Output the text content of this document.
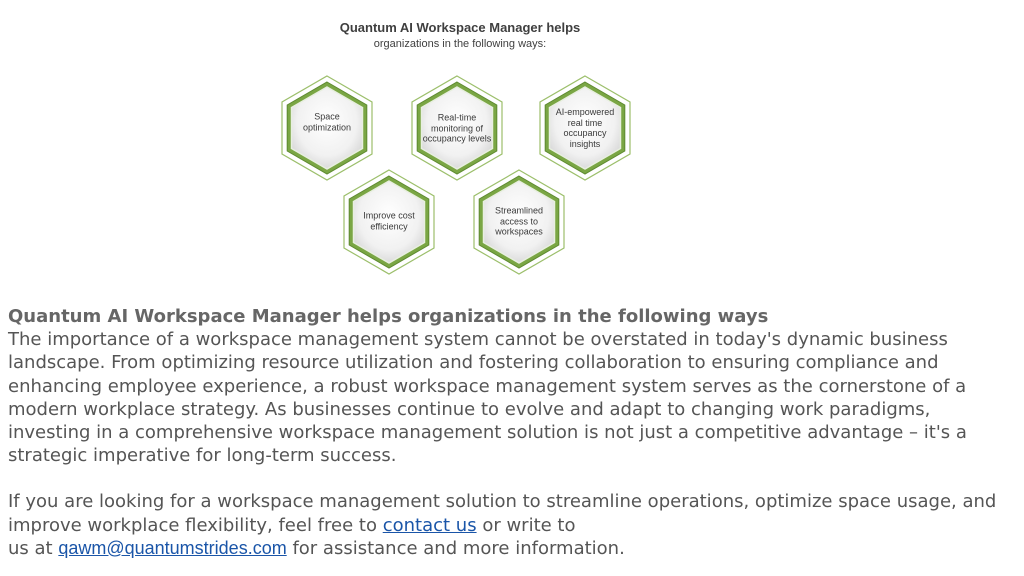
Quantum AI Workspace Manager helps
organizations in the following ways:
Space optimization
Real-time monitoring of occupancy levels
AI-empowered real time occupancy insights
Improve cost efficiency
Streamlined access to workspaces

Quantum AI Workspace Manager helps organizations in the following ways

The importance of a workspace management system cannot be overstated in today's dynamic business landscape. From optimizing resource utilization and fostering collaboration to ensuring compliance and enhancing employee experience, a robust workspace management system serves as the cornerstone of a modern workplace strategy. As businesses continue to evolve and adapt to changing work paradigms, investing in a comprehensive workspace management solution is not just a competitive advantage – it's a strategic imperative for long-term success.

If you are looking for a workspace management solution to streamline operations, optimize space usage, and improve workplace flexibility, feel free to contact us or write to
us at qawm@quantumstrides.com for assistance and more information.
